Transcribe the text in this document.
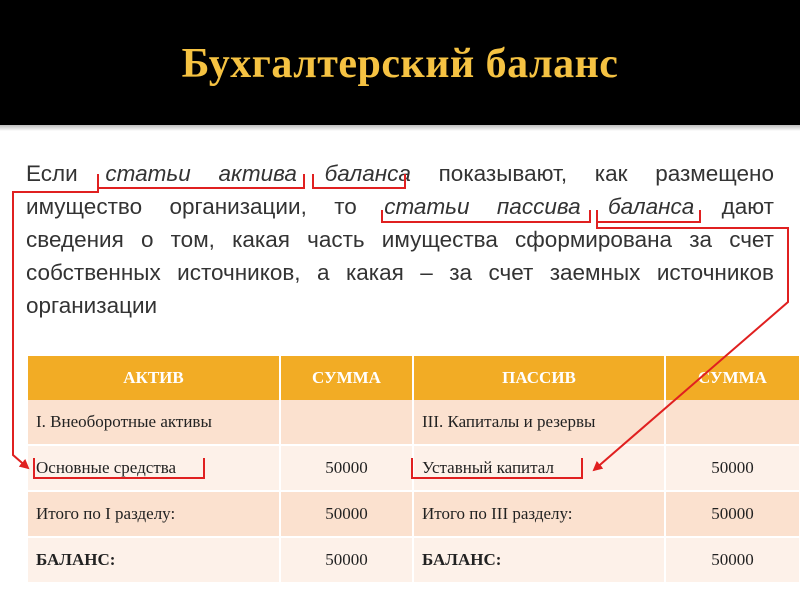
Бухгалтерский баланс
Если статьи актива баланса показывают, как размещено
имущество организации, то статьи пассива баланса дают
сведения о том, какая часть имущества сформирована за счет
собственных источников, а какая – за счет заемных источников
организации
АКТИВ	СУММА	ПАССИВ	СУММА
I. Внеоборотные активы		III. Капиталы и резервы	
Основные средства	50000	Уставный капитал	50000
Итого по I разделу:	50000	Итого по III разделу:	50000
БАЛАНС:	50000	БАЛАНС:	50000
